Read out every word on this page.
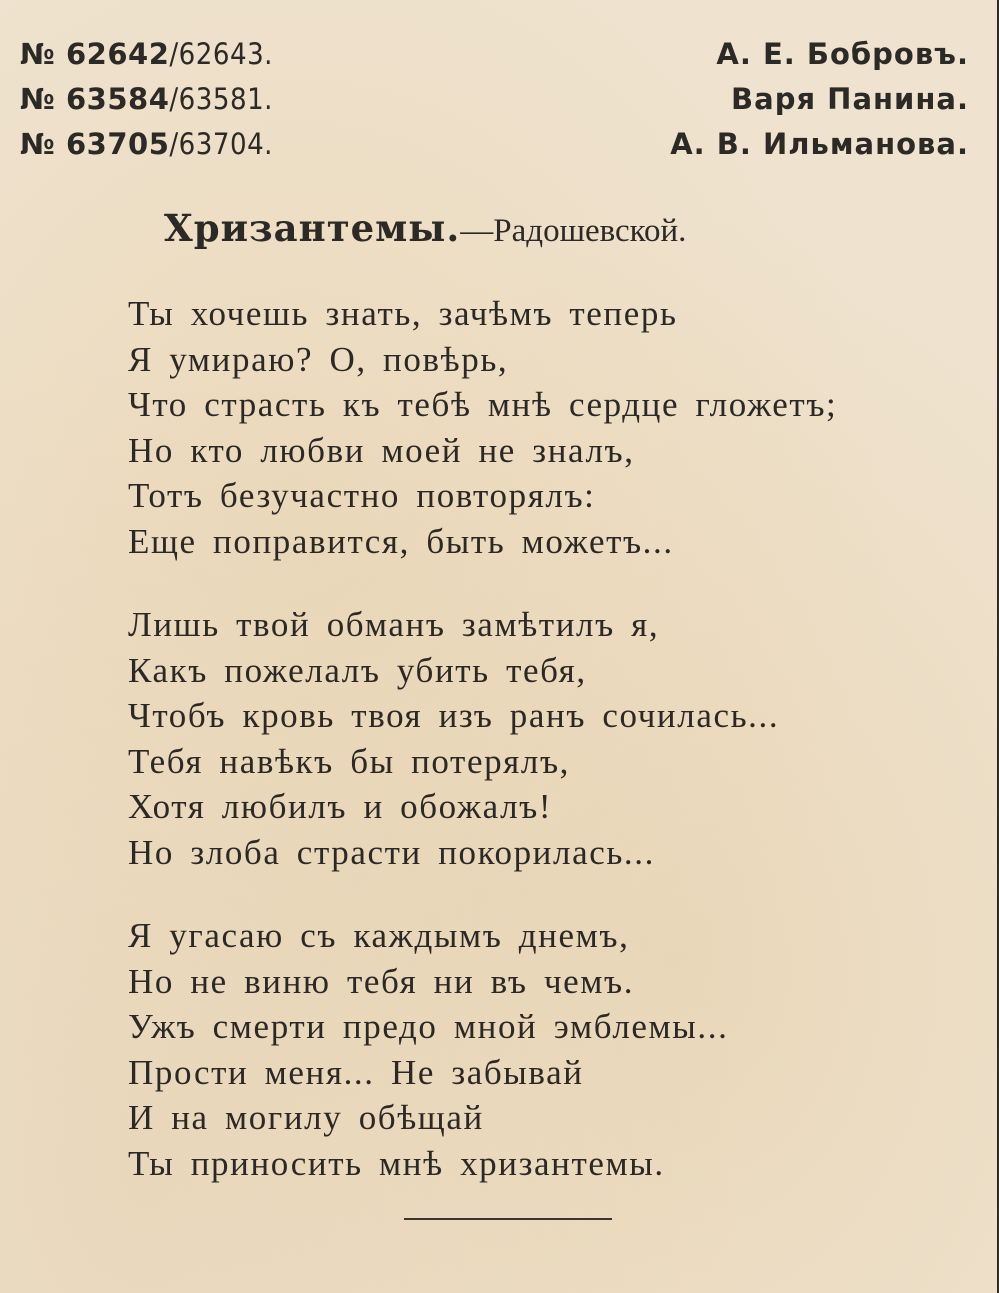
№ 62642/62643.
№ 63584/63581.
№ 63705/63704.
А. Е. Бобровъ.
Варя Панина.
А. В. Ильманова.
Хризантемы.—Радошевской.
Ты хочешь знать, зачѣмъ теперь
Я умираю? О, повѣрь,
Что страсть къ тебѣ мнѣ сердце гложетъ;
Но кто любви моей не зналъ,
Тотъ безучастно повторялъ:
Еще поправится, быть можетъ...
Лишь твой обманъ замѣтилъ я,
Какъ пожелалъ убить тебя,
Чтобъ кровь твоя изъ ранъ сочилась...
Тебя навѣкъ бы потерялъ,
Хотя любилъ и обожалъ!
Но злоба страсти покорилась...
Я угасаю съ каждымъ днемъ,
Но не виню тебя ни въ чемъ.
Ужъ смерти предо мной эмблемы...
Прости меня... Не забывай
И на могилу обѣщай
Ты приносить мнѣ хризантемы.
